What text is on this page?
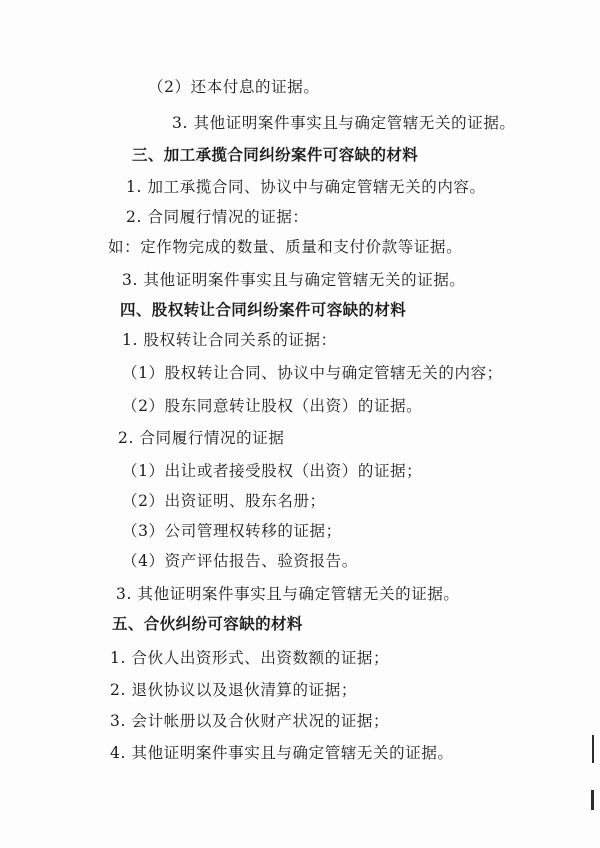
（2）还本付息的证据。
3. 其他证明案件事实且与确定管辖无关的证据。
三、加工承揽合同纠纷案件可容缺的材料
1. 加工承揽合同、协议中与确定管辖无关的内容。
2. 合同履行情况的证据：
如：定作物完成的数量、质量和支付价款等证据。
3. 其他证明案件事实且与确定管辖无关的证据。
四、股权转让合同纠纷案件可容缺的材料
1. 股权转让合同关系的证据：
（1）股权转让合同、协议中与确定管辖无关的内容；
（2）股东同意转让股权（出资）的证据。
2. 合同履行情况的证据
（1）出让或者接受股权（出资）的证据；
（2）出资证明、股东名册；
（3）公司管理权转移的证据；
（4）资产评估报告、验资报告。
3. 其他证明案件事实且与确定管辖无关的证据。
五、合伙纠纷可容缺的材料
1. 合伙人出资形式、出资数额的证据；
2. 退伙协议以及退伙清算的证据；
3. 会计帐册以及合伙财产状况的证据；
4. 其他证明案件事实且与确定管辖无关的证据。
